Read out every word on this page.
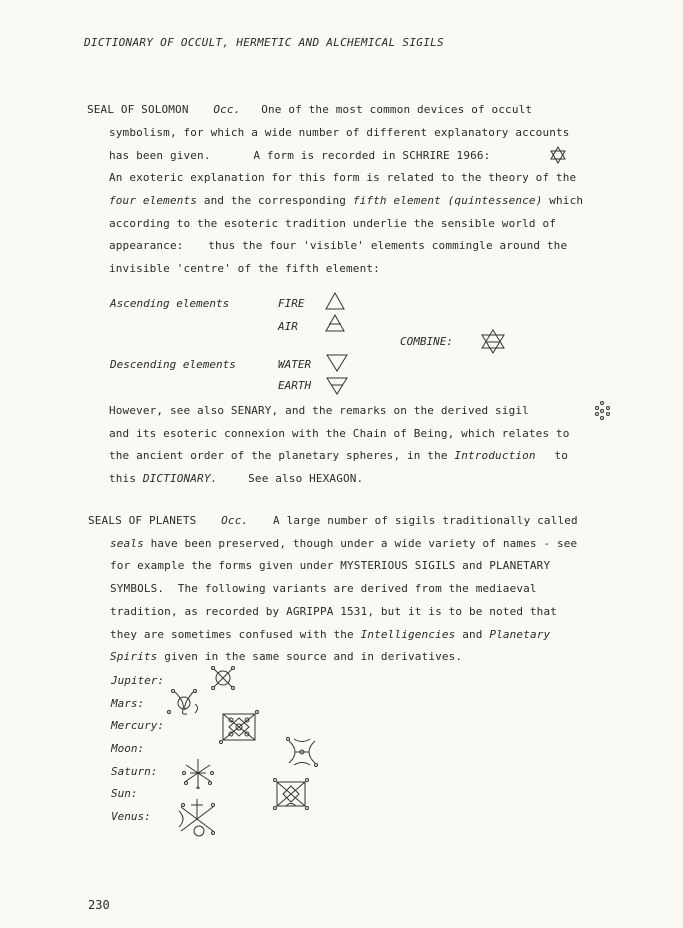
DICTIONARY OF OCCULT, HERMETIC AND ALCHEMICAL SIGILS
SEAL OF SOLOMON Occ. One of the most common devices of occult
symbolism, for which a wide number of different explanatory accounts
has been given.	A form is recorded in SCHRIRE 1966:
An exoteric explanation for this form is related to the theory of the
four elements and the corresponding fifth element (quintessence) which
according to the esoteric tradition underlie the sensible world of
appearance: thus the four 'visible' elements commingle around the
invisible 'centre' of the fifth element:
Ascending elements	FIRE
AIR
COMBINE:
Descending elements	WATER
EARTH
However, see also SENARY, and the remarks on the derived sigil
and its esoteric connexion with the Chain of Being, which relates to
the ancient order of the planetary spheres, in the Introduction to
this DICTIONARY.	See also HEXAGON.
SEALS OF PLANETS Occ. A large number of sigils traditionally called
seals have been preserved, though under a wide variety of names - see
for example the forms given under MYSTERIOUS SIGILS and PLANETARY
SYMBOLS.  The following variants are derived from the mediaeval
tradition, as recorded by AGRIPPA 1531, but it is to be noted that
they are sometimes confused with the Intelligencies and Planetary
Spirits given in the same source and in derivatives.
Jupiter:
Mars:
Mercury:
Moon:
Saturn:
Sun:
Venus:
230
